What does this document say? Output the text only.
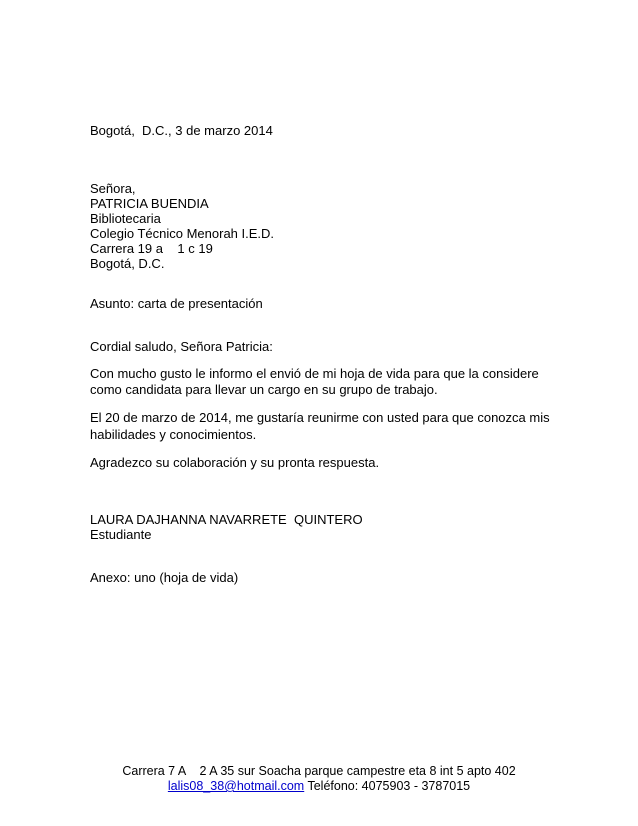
Bogotá,  D.C., 3 de marzo 2014
Señora,
PATRICIA BUENDIA
Bibliotecaria
Colegio Técnico Menorah I.E.D.
Carrera 19 a    1 c 19
Bogotá, D.C.
Asunto: carta de presentación
Cordial saludo, Señora Patricia:
Con mucho gusto le informo el envió de mi hoja de vida para que la considere
como candidata para llevar un cargo en su grupo de trabajo.
El 20 de marzo de 2014, me gustaría reunirme con usted para que conozca mis
habilidades y conocimientos.
Agradezco su colaboración y su pronta respuesta.
LAURA DAJHANNA NAVARRETE  QUINTERO
Estudiante
Anexo: uno (hoja de vida)
Carrera 7 A    2 A 35 sur Soacha parque campestre eta 8 int 5 apto 402
lalis08_38@hotmail.com Teléfono: 4075903 - 3787015
